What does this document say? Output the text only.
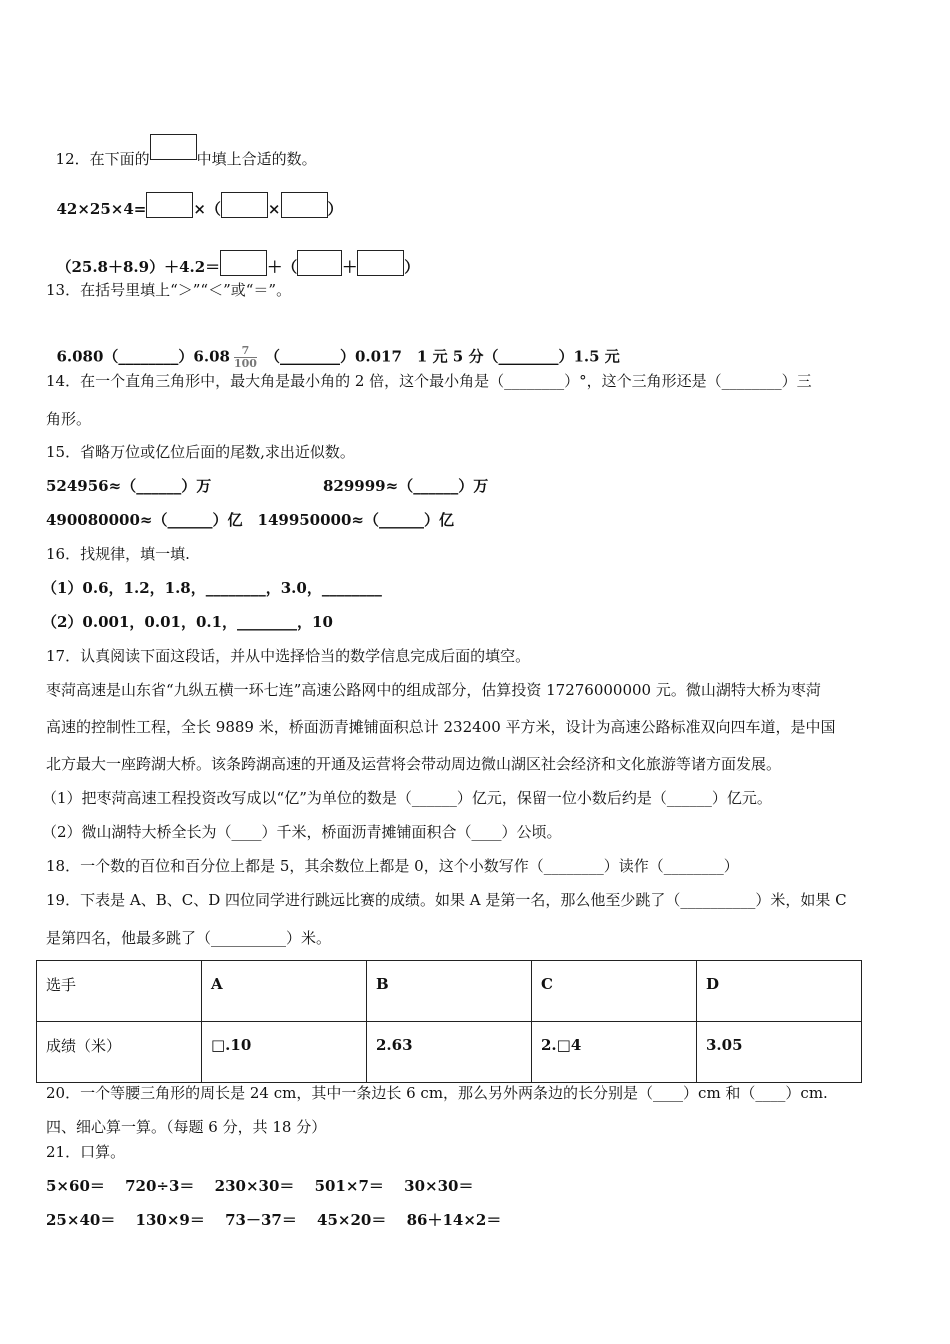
12．在下面的	中填上合适的数。

42×25×4=	×（	×	）

（25.8＋8.9）＋4.2＝	＋（	＋	）

13．在括号里填上“＞”“＜”或“＝”。

6.080（________）6.08 $\frac{7}{100}$ （________）0.017　1 元 5 分（________）1.5 元

14．在一个直角三角形中，最大角是最小角的 2 倍，这个最小角是（________）°，这个三角形还是（________）三
角形。
15．省略万位或亿位后面的尾数,求出近似数。
524956≈（______）万	829999≈（______）万
490080000≈（______）亿　149950000≈（______）亿
16．找规律，填一填.
（1）0.6，1.2，1.8，________，3.0，________
（2）0.001，0.01，0.1，________，10
17．认真阅读下面这段话，并从中选择恰当的数学信息完成后面的填空。
枣菏高速是山东省“九纵五横一环七连”高速公路网中的组成部分，估算投资 17276000000 元。微山湖特大桥为枣菏
高速的控制性工程，全长 9889 米，桥面沥青摊铺面积总计 232400 平方米，设计为高速公路标准双向四车道，是中国
北方最大一座跨湖大桥。该条跨湖高速的开通及运营将会带动周边微山湖区社会经济和文化旅游等诸方面发展。
（1）把枣菏高速工程投资改写成以“亿”为单位的数是（______）亿元，保留一位小数后约是（______）亿元。
（2）微山湖特大桥全长为（____）千米，桥面沥青摊铺面积合（____）公顷。
18．一个数的百位和百分位上都是 5，其余数位上都是 0，这个小数写作（________）读作（________）
19．下表是 A、B、C、D 四位同学进行跳远比赛的成绩。如果 A 是第一名，那么他至少跳了（__________）米，如果 C
是第四名，他最多跳了（__________）米。
选手	A	B	C	D
成绩（米）	□.10	2.63	2.□4	3.05
20．一个等腰三角形的周长是 24 cm，其中一条边长 6 cm，那么另外两条边的长分别是（____）cm 和（____）cm.
四、细心算一算。（每题 6 分，共 18 分）
21．口算。
5×60＝　 720÷3＝　 230×30＝　 501×7＝　 30×30＝
25×40＝　 130×9＝　 73－37＝　 45×20＝　 86＋14×2＝
